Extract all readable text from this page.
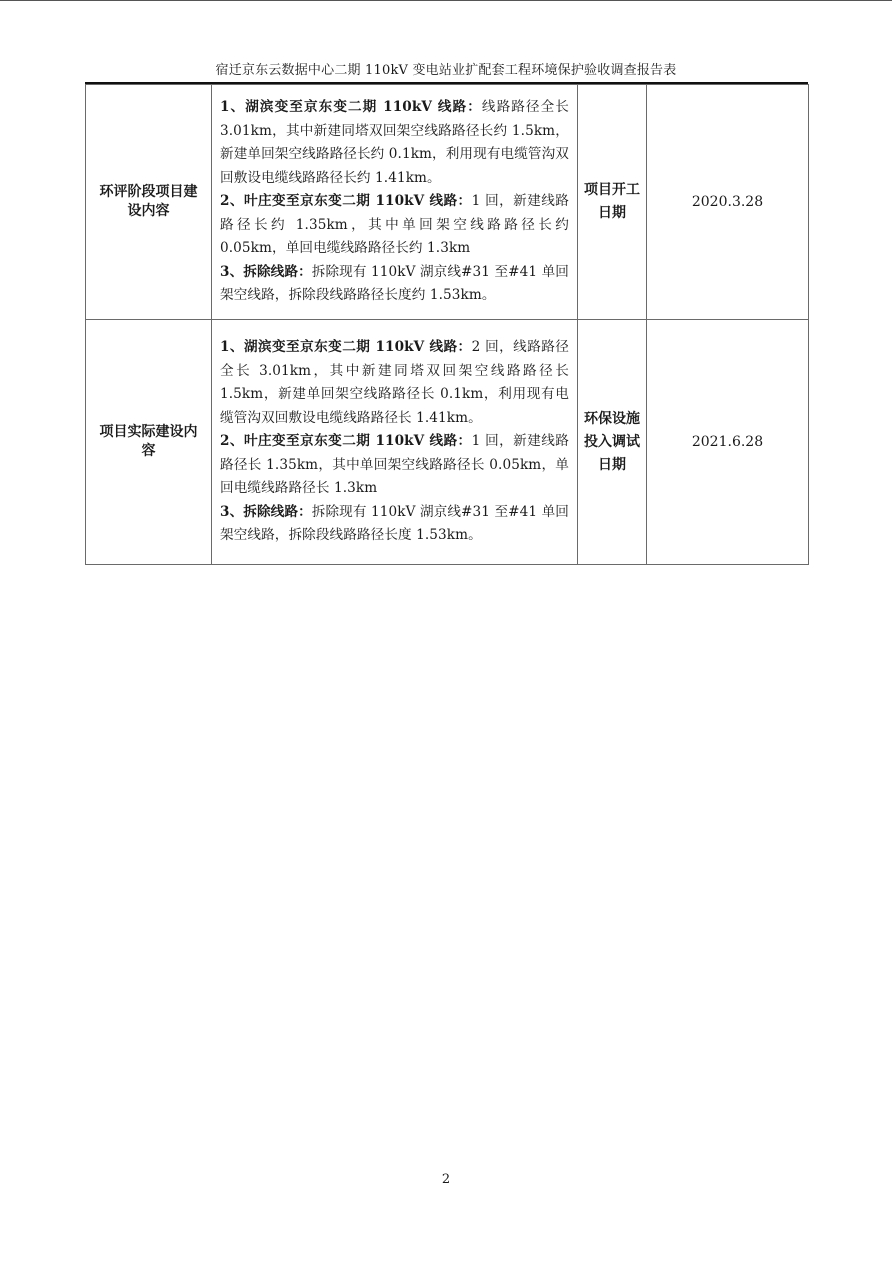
宿迁京东云数据中心二期 110kV 变电站业扩配套工程环境保护验收调查报告表
环评阶段项目建设内容	1、湖滨变至京东变二期 110kV 线路：线路路径全长 3.01km，其中新建同塔双回架空线路路径长约 1.5km，新建单回架空线路路径长约 0.1km，利用现有电缆管沟双回敷设电缆线路路径长约 1.41km。

2、叶庄变至京东变二期 110kV 线路：1 回，新建线路路径长约 1.35km，其中单回架空线路路径长约 0.05km，单回电缆线路路径长约 1.3km

3、拆除线路：拆除现有 110kV 湖京线#31 至#41 单回架空线路，拆除段线路路径长度约 1.53km。	项目开工日期	2020.3.28
项目实际建设内容	1、湖滨变至京东变二期 110kV 线路：2 回，线路路径全长 3.01km，其中新建同塔双回架空线路路径长 1.5km，新建单回架空线路路径长 0.1km，利用现有电缆管沟双回敷设电缆线路路径长 1.41km。

2、叶庄变至京东变二期 110kV 线路：1 回，新建线路路径长 1.35km，其中单回架空线路路径长 0.05km，单回电缆线路路径长 1.3km

3、拆除线路：拆除现有 110kV 湖京线#31 至#41 单回架空线路，拆除段线路路径长度 1.53km。	环保设施投入调试日期	2021.6.28
2
